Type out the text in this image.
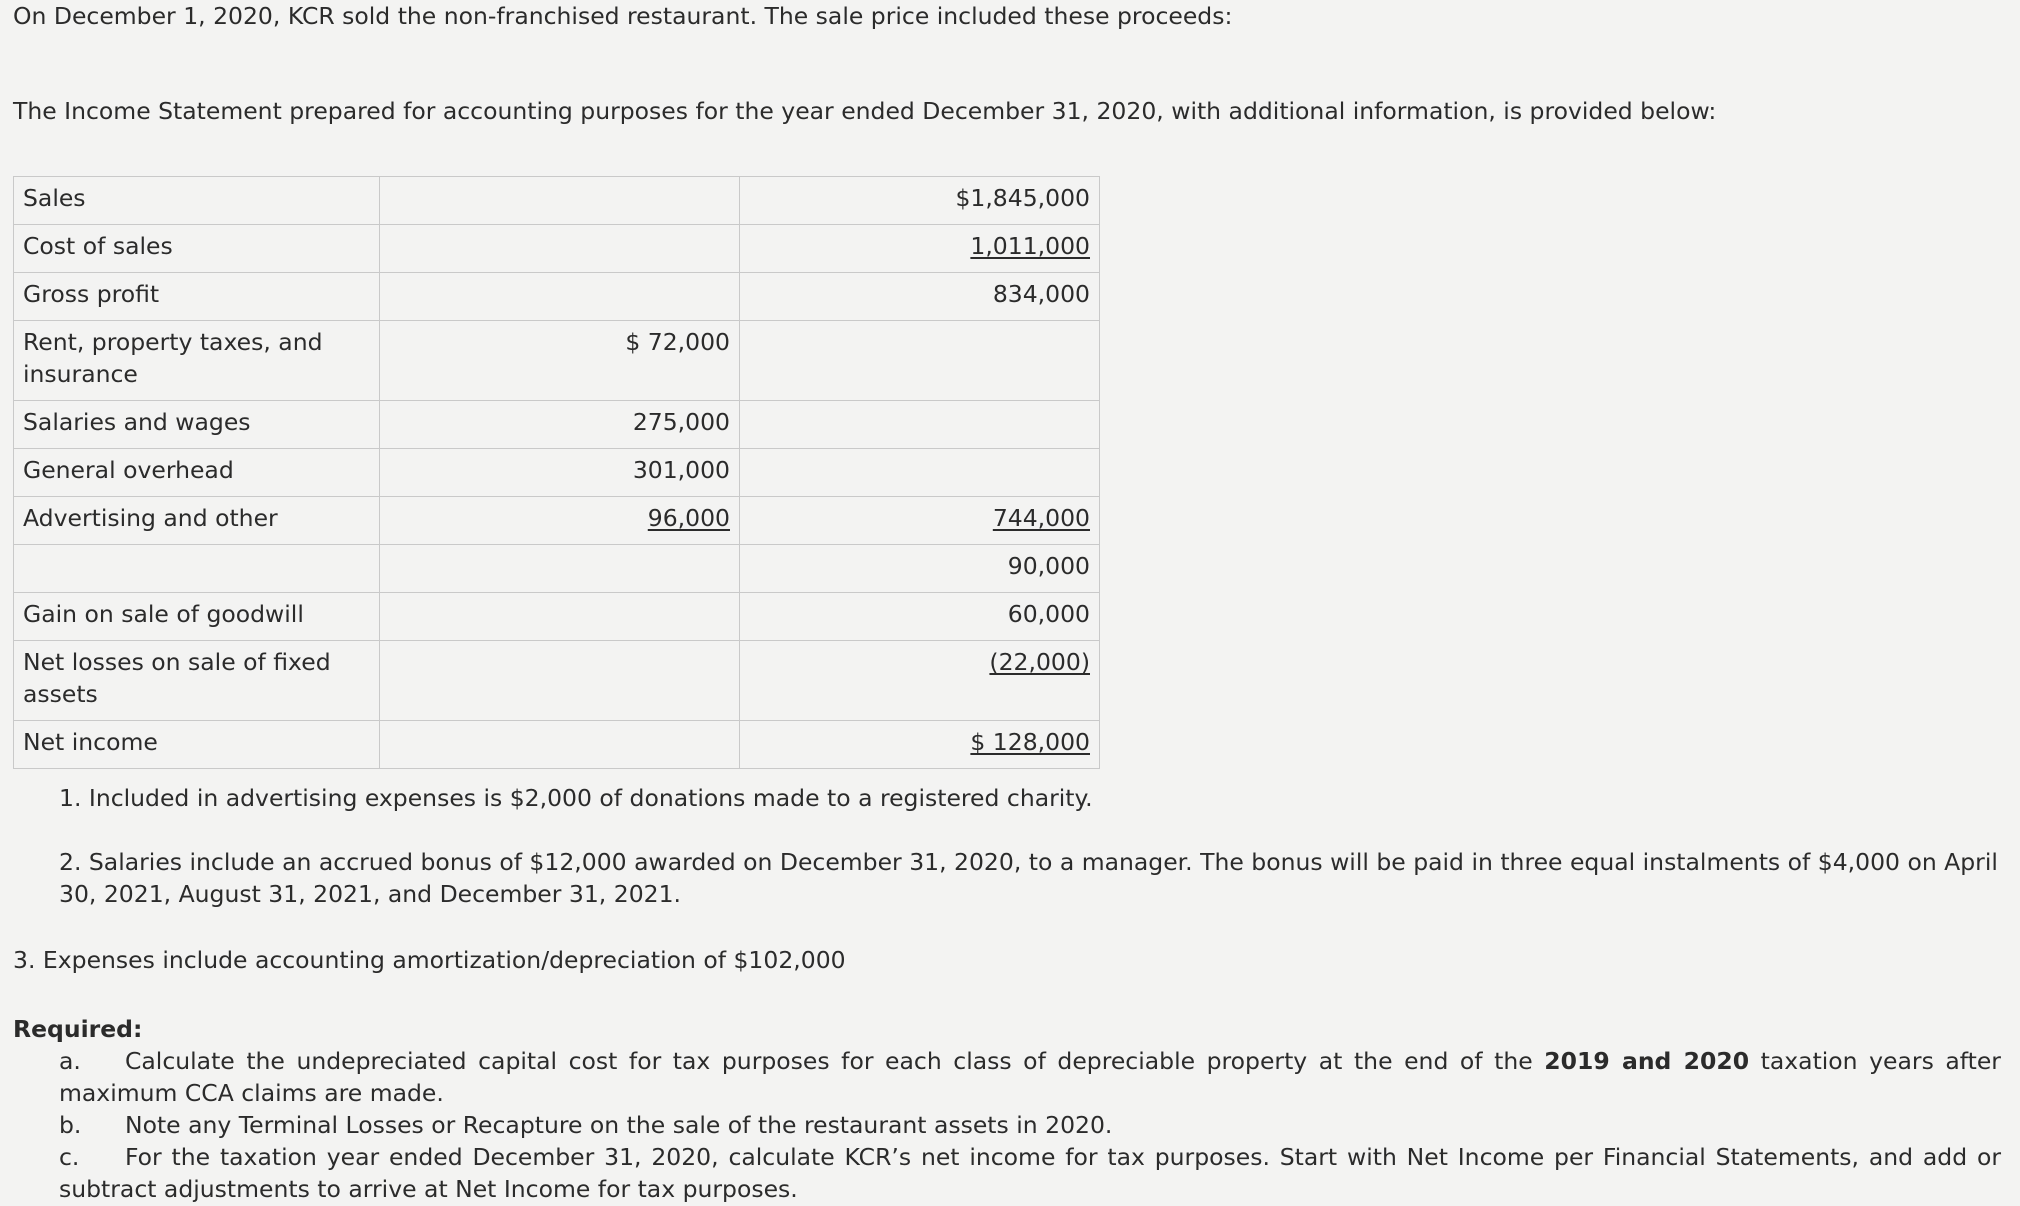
On December 1, 2020, KCR sold the non-franchised restaurant. The sale price included these proceeds:
The Income Statement prepared for accounting purposes for the year ended December 31, 2020, with additional information, is provided below:
Sales		$1,845,000
Cost of sales		1,011,000
Gross profit		834,000
Rent, property taxes, and insurance	$ 72,000	
Salaries and wages	275,000	
General overhead	301,000	
Advertising and other	96,000	744,000
		90,000
Gain on sale of goodwill		60,000
Net losses on sale of fixed assets		(22,000)
Net income		$ 128,000
1. Included in advertising expenses is $2,000 of donations made to a registered charity.
2. Salaries include an accrued bonus of $12,000 awarded on December 31, 2020, to a manager. The bonus will be paid in three equal instalments of $4,000 on April 30, 2021, August 31, 2021, and December 31, 2021.
3. Expenses include accounting amortization/depreciation of $102,000
Required:
a. Calculate the undepreciated capital cost for tax purposes for each class of depreciable property at the end of the 2019 and 2020 taxation years after maximum CCA claims are made.
b. Note any Terminal Losses or Recapture on the sale of the restaurant assets in 2020.
c. For the taxation year ended December 31, 2020, calculate KCR’s net income for tax purposes. Start with Net Income per Financial Statements, and add or subtract adjustments to arrive at Net Income for tax purposes.
